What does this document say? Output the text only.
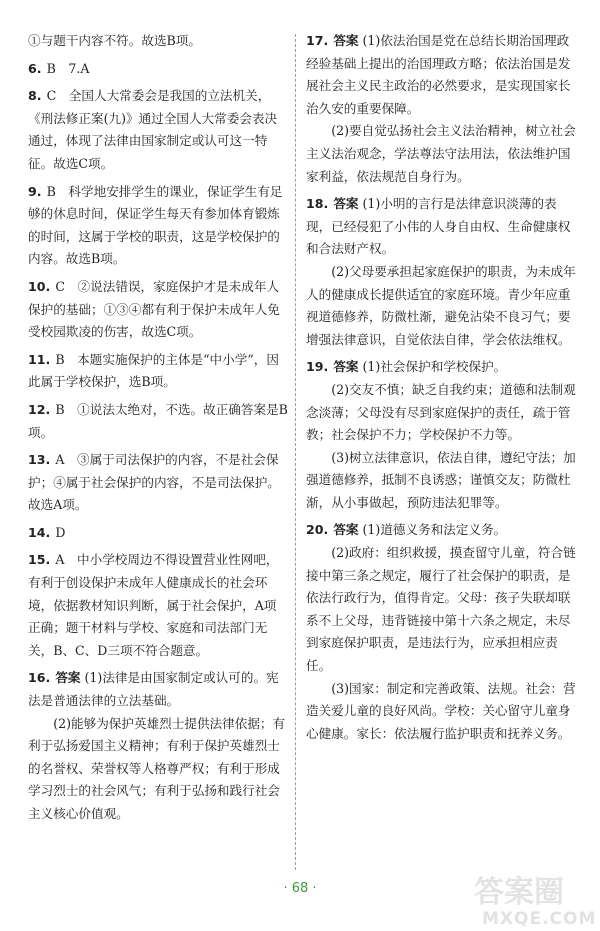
①与题干内容不符。故选B项。

6. B　7.A

8. C　全国人大常委会是我国的立法机关，《刑法修正案(九)》通过全国人大常委会表决通过，体现了法律由国家制定或认可这一特征。故选C项。

9. B　科学地安排学生的课业，保证学生有足够的休息时间，保证学生每天有参加体育锻炼的时间，这属于学校的职责，这是学校保护的内容。故选B项。

10. C　②说法错误，家庭保护才是未成年人保护的基础；①③④都有利于保护未成年人免受校园欺凌的伤害，故选C项。

11. B　本题实施保护的主体是“中小学”，因此属于学校保护，选B项。

12. B　①说法太绝对，不选。故正确答案是B项。

13. A　③属于司法保护的内容，不是社会保护；④属于社会保护的内容，不是司法保护。故选A项。

14. D

15. A　中小学校周边不得设置营业性网吧，有利于创设保护未成年人健康成长的社会环境，依据教材知识判断，属于社会保护，A项正确；题干材料与学校、家庭和司法部门无关，B、C、D三项不符合题意。

16. 答案 (1)法律是由国家制定或认可的。宪法是普通法律的立法基础。

(2)能够为保护英雄烈士提供法律依据；有利于弘扬爱国主义精神；有利于保护英雄烈士的名誉权、荣誉权等人格尊严权；有利于形成学习烈士的社会风气；有利于弘扬和践行社会主义核心价值观。

17. 答案 (1)依法治国是党在总结长期治国理政经验基础上提出的治国理政方略；依法治国是发展社会主义民主政治的必然要求，是实现国家长治久安的重要保障。

(2)要自觉弘扬社会主义法治精神，树立社会主义法治观念，学法尊法守法用法，依法维护国家利益，依法规范自身行为。

18. 答案 (1)小明的言行是法律意识淡薄的表现，已经侵犯了小伟的人身自由权、生命健康权和合法财产权。

(2)父母要承担起家庭保护的职责，为未成年人的健康成长提供适宜的家庭环境。青少年应重视道德修养，防微杜渐，避免沾染不良习气；要增强法律意识，自觉依法自律，学会依法维权。

19. 答案 (1)社会保护和学校保护。

(2)交友不慎；缺乏自我约束；道德和法制观念淡薄；父母没有尽到家庭保护的责任，疏于管教；社会保护不力；学校保护不力等。

(3)树立法律意识，依法自律，遵纪守法；加强道德修养，抵制不良诱惑；谨慎交友；防微杜渐，从小事做起，预防违法犯罪等。

20. 答案 (1)道德义务和法定义务。

(2)政府：组织救援，摸查留守儿童，符合链接中第三条之规定，履行了社会保护的职责，是依法行政行为，值得肯定。父母：孩子失联却联系不上父母，违背链接中第十六条之规定，未尽到家庭保护职责，是违法行为，应承担相应责任。

(3)国家：制定和完善政策、法规。社会：营造关爱儿童的良好风尚。学校：关心留守儿童身心健康。家长：依法履行监护职责和抚养义务。

· 68 ·	答案圈
MXQE.COM
